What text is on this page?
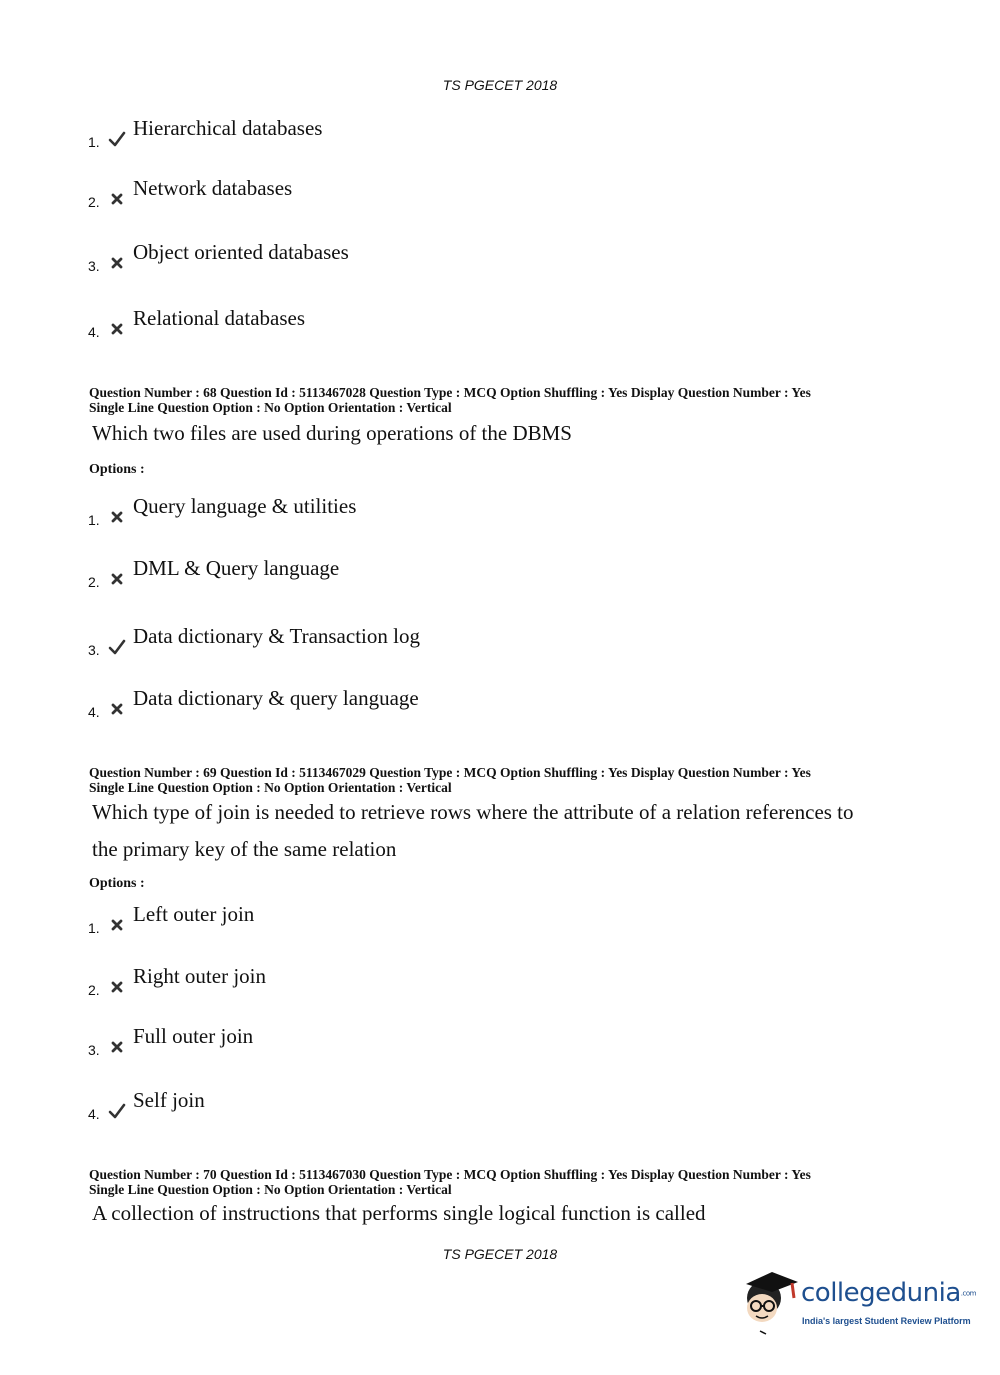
TS PGECET 2018
1.
Hierarchical databases
2.
Network databases
3.
Object oriented databases
4.
Relational databases
Question Number : 68 Question Id : 5113467028 Question Type : MCQ Option Shuffling : Yes Display Question Number : Yes
Single Line Question Option : No Option Orientation : Vertical
Which two files are used during operations of the DBMS
Options :
1.
Query language & utilities
2.
DML & Query language
3.
Data dictionary & Transaction log
4.
Data dictionary & query language
Question Number : 69 Question Id : 5113467029 Question Type : MCQ Option Shuffling : Yes Display Question Number : Yes
Single Line Question Option : No Option Orientation : Vertical
Which type of join is needed to retrieve rows where the attribute of a relation references to
the primary key of the same relation
Options :
1.
Left outer join
2.
Right outer join
3.
Full outer join
4.
Self join
Question Number : 70 Question Id : 5113467030 Question Type : MCQ Option Shuffling : Yes Display Question Number : Yes
Single Line Question Option : No Option Orientation : Vertical
A collection of instructions that performs single logical function is called
TS PGECET 2018
collegedunia.com
India's largest Student Review Platform
